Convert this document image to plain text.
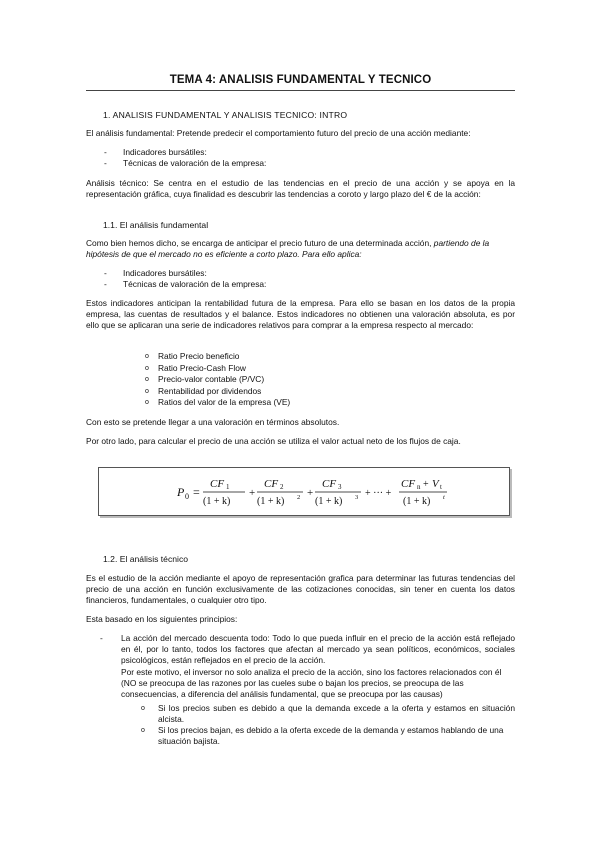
TEMA 4: ANALISIS FUNDAMENTAL Y TECNICO
1. ANALISIS FUNDAMENTAL Y ANALISIS TECNICO: INTRO
El análisis fundamental: Pretende predecir el comportamiento futuro del precio de una acción mediante:
- Indicadores bursátiles:
- Técnicas de valoración de la empresa:
Análisis técnico: Se centra en el estudio de las tendencias en el precio de una acción y se apoya en la representación gráfica, cuya finalidad es descubrir las tendencias a coroto y largo plazo del € de la acción:
1.1. El análisis fundamental
Como bien hemos dicho, se encarga de anticipar el precio futuro de una determinada acción, partiendo de la hipótesis de que el mercado no es eficiente a corto plazo. Para ello aplica:
- Indicadores bursátiles:
- Técnicas de valoración de la empresa:
Estos indicadores anticipan la rentabilidad futura de la empresa. Para ello se basan en los datos de la propia empresa, las cuentas de resultados y el balance. Estos indicadores no obtienen una valoración absoluta, es por ello que se aplicaran una serie de indicadores relativos para comprar a la empresa respecto al mercado:
o Ratio Precio beneficio
o Ratio Precio-Cash Flow
o Precio-valor contable (P/VC)
o Rentabilidad por dividendos
o Ratios del valor de la empresa (VE)
Con esto se pretende llegar a una valoración en términos absolutos.
Por otro lado, para calcular el precio de una acción se utiliza el valor actual neto de los flujos de caja.
P 0 =
CF 1
(1 + k)
+
CF 2
(1 + k) 2 +
CF 3
(1 + k) 3 + ··· +
CF n + V t
(1 + k) t
1.2. El análisis técnico
Es el estudio de la acción mediante el apoyo de representación grafica para determinar las futuras tendencias del precio de una acción en función exclusivamente de las cotizaciones conocidas, sin tener en cuenta los datos financieros, fundamentales, o cualquier otro tipo.
Esta basado en los siguientes principios:
- La acción del mercado descuenta todo: Todo lo que pueda influir en el precio de la acción está reflejado en él, por lo tanto, todos los factores que afectan al mercado ya sean políticos, económicos, sociales psicológicos, están reflejados en el precio de la acción.
Por este motivo, el inversor no solo analiza el precio de la acción, sino los factores relacionados con él (NO se preocupa de las razones por las cueles sube o bajan los precios, se preocupa de las consecuencias, a diferencia del análisis fundamental, que se preocupa por las causas)
o Si los precios suben es debido a que la demanda excede a la oferta y estamos en situación alcista.
o Si los precios bajan, es debido a la oferta excede de la demanda y estamos hablando de una situación bajista.
